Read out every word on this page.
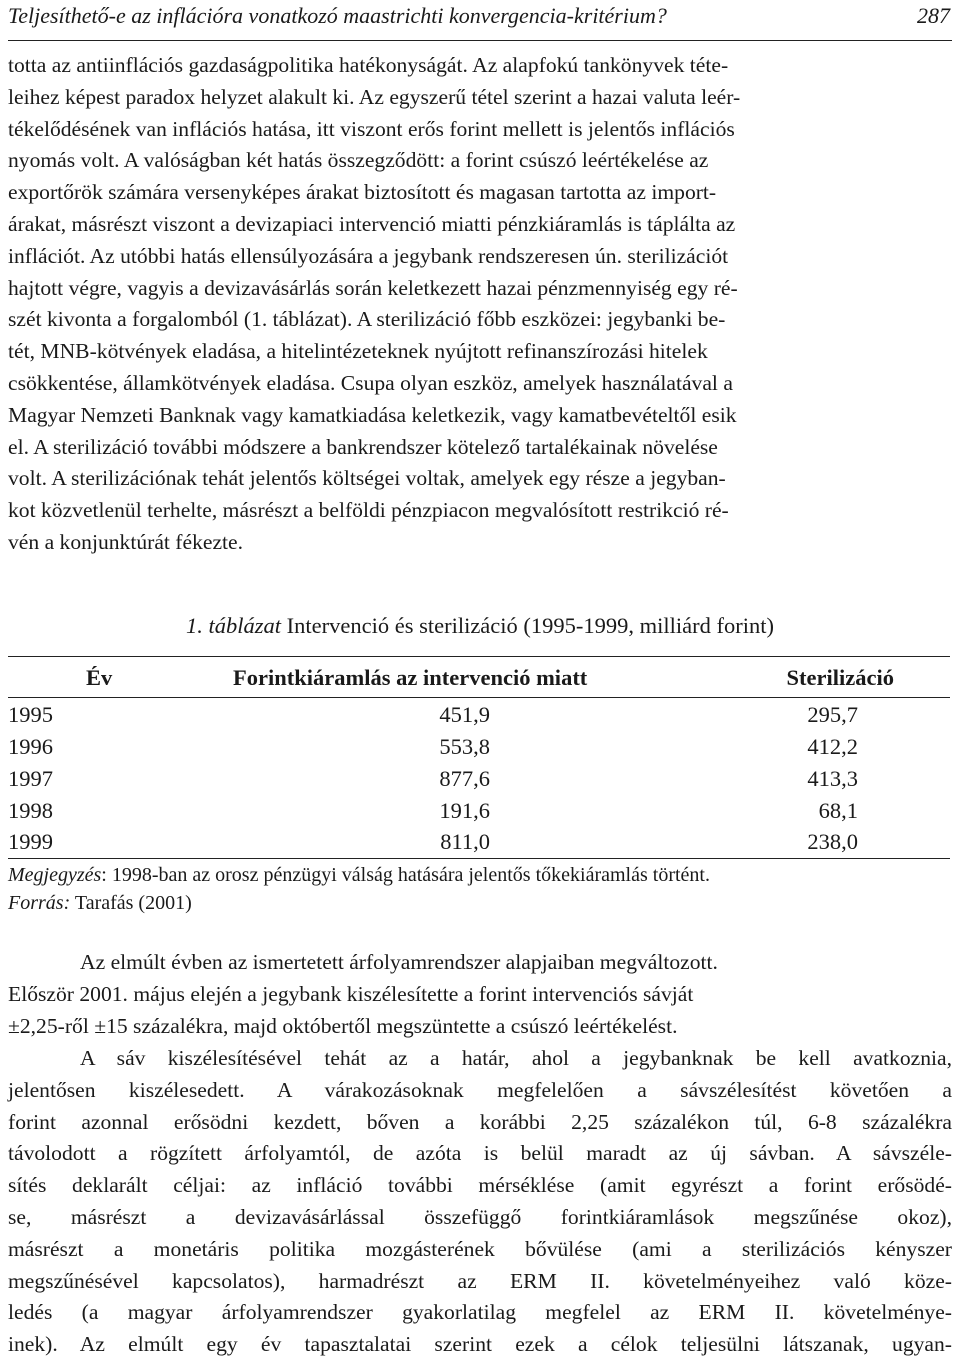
Teljesíthető-e az inflációra vonatkozó maastrichti konvergencia-kritérium?	287

totta az antiinflációs gazdaságpolitika hatékonyságát. Az alapfokú tankönyvek téte-
leihez képest paradox helyzet alakult ki. Az egyszerű tétel szerint a hazai valuta leér-
tékelődésének van inflációs hatása, itt viszont erős forint mellett is jelentős inflációs
nyomás volt. A valóságban két hatás összegződött: a forint csúszó leértékelése az
exportőrök számára versenyképes árakat biztosított és magasan tartotta az import-
árakat, másrészt viszont a devizapiaci intervenció miatti pénzkiáramlás is táplálta az
inflációt. Az utóbbi hatás ellensúlyozására a jegybank rendszeresen ún. sterilizációt
hajtott végre, vagyis a devizavásárlás során keletkezett hazai pénzmennyiség egy ré-
szét kivonta a forgalomból (1. táblázat). A sterilizáció főbb eszközei: jegybanki be-
tét, MNB-kötvények eladása, a hitelintézeteknek nyújtott refinanszírozási hitelek
csökkentése, államkötvények eladása. Csupa olyan eszköz, amelyek használatával a
Magyar Nemzeti Banknak vagy kamatkiadása keletkezik, vagy kamatbevételtől esik
el. A sterilizáció további módszere a bankrendszer kötelező tartalékainak növelése
volt. A sterilizációnak tehát jelentős költségei voltak, amelyek egy része a jegyban-
kot közvetlenül terhelte, másrészt a belföldi pénzpiacon megvalósított restrikció ré-
vén a konjunktúrát fékezte.

1. táblázat Intervenció és sterilizáció (1995-1999, milliárd forint)
Év	Forintkiáramlás az intervenció miatt	Sterilizáció
1995	451,9	295,7
1996	553,8	412,2
1997	877,6	413,3
1998	191,6	68,1
1999	811,0	238,0
Megjegyzés: 1998-ban az orosz pénzügyi válság hatására jelentős tőkekiáramlás történt.
Forrás: Tarafás (2001)

Az elmúlt évben az ismertetett árfolyamrendszer alapjaiban megváltozott.
Először 2001. május elején a jegybank kiszélesítette a forint intervenciós sávját
±2,25-ről ±15 százalékra, majd októbertől megszüntette a csúszó leértékelést.

A sáv kiszélesítésével tehát az a határ, ahol a jegybanknak be kell avatkoznia,
jelentősen kiszélesedett. A várakozásoknak megfelelően a sávszélesítést követően a
forint azonnal erősödni kezdett, bőven a korábbi 2,25 százalékon túl, 6-8 százalékra
távolodott a rögzített árfolyamtól, de azóta is belül maradt az új sávban. A sávszéle-
sítés deklarált céljai: az infláció további mérséklése (amit egyrészt a forint erősödé-
se, másrészt a devizavásárlással összefüggő forintkiáramlások megszűnése okoz),
másrészt a monetáris politika mozgásterének bővülése (ami a sterilizációs kényszer
megszűnésével kapcsolatos), harmadrészt az ERM II. követelményeihez való köze-
ledés (a magyar árfolyamrendszer gyakorlatilag megfelel az ERM II. követelménye-
inek). Az elmúlt egy év tapasztalatai szerint ezek a célok teljesülni látszanak, ugyan-
